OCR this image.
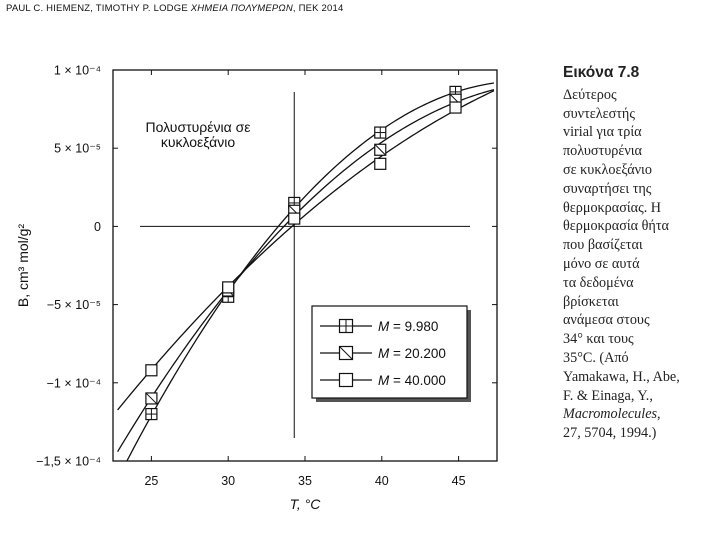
PAUL C. HIEMENZ, TIMOTHY P. LODGE ΧΗΜΕΙΑ ΠΟΛΥΜΕΡΩΝ, ΠΕΚ 2014
25	30	35	40	45
1 × 10⁻⁴
5 × 10⁻⁵
0
−5 × 10⁻⁵
−1 × 10⁻⁴
−1,5 × 10⁻⁴
Πολυστυρένια σε
κυκλοεξάνιο
M = 9.980
M = 20.200
M = 40.000
T, °C
B, cm³ mol/g²
Εικόνα 7.8
Δεύτερος
συντελεστής
virial για τρία
πολυστυρένια
σε κυκλοεξάνιο
συναρτήσει της
θερμοκρασίας. Η
θερμοκρασία θήτα
που βασίζεται
μόνο σε αυτά
τα δεδομένα
βρίσκεται
ανάμεσα στους
34° και τους
35°C. (Από
Yamakawa, H., Abe,
F. & Einaga, Y.,
Macromolecules,
27, 5704, 1994.)
